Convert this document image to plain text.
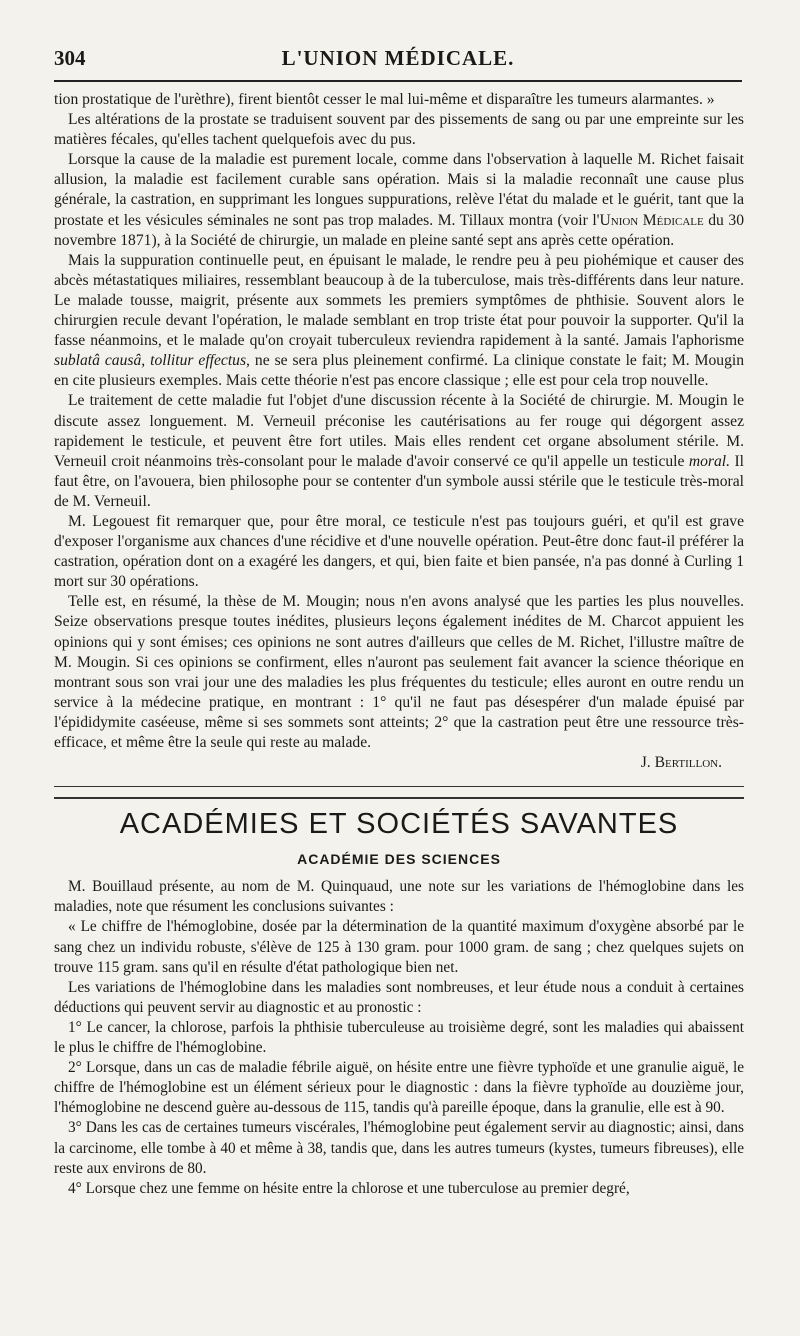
304	L'UNION MÉDICALE.

tion prostatique de l'urèthre), firent bientôt cesser le mal lui-même et disparaître les tumeurs alarmantes. »

Les altérations de la prostate se traduisent souvent par des pissements de sang ou par une empreinte sur les matières fécales, qu'elles tachent quelquefois avec du pus.

Lorsque la cause de la maladie est purement locale, comme dans l'observation à laquelle M. Richet faisait allusion, la maladie est facilement curable sans opération. Mais si la maladie reconnaît une cause plus générale, la castration, en supprimant les longues suppurations, relève l'état du malade et le guérit, tant que la prostate et les vésicules séminales ne sont pas trop malades. M. Tillaux montra (voir l'Union Médicale du 30 novembre 1871), à la Société de chirurgie, un malade en pleine santé sept ans après cette opération.

Mais la suppuration continuelle peut, en épuisant le malade, le rendre peu à peu piohémique et causer des abcès métastatiques miliaires, ressemblant beaucoup à de la tuberculose, mais très-différents dans leur nature. Le malade tousse, maigrit, présente aux sommets les premiers symptômes de phthisie. Souvent alors le chirurgien recule devant l'opération, le malade semblant en trop triste état pour pouvoir la supporter. Qu'il la fasse néanmoins, et le malade qu'on croyait tuberculeux reviendra rapidement à la santé. Jamais l'aphorisme sublatâ causâ, tollitur effectus, ne se sera plus pleinement confirmé. La clinique constate le fait; M. Mougin en cite plusieurs exemples. Mais cette théorie n'est pas encore classique ; elle est pour cela trop nouvelle.

Le traitement de cette maladie fut l'objet d'une discussion récente à la Société de chirurgie. M. Mougin le discute assez longuement. M. Verneuil préconise les cautérisations au fer rouge qui dégorgent assez rapidement le testicule, et peuvent être fort utiles. Mais elles rendent cet organe absolument stérile. M. Verneuil croit néanmoins très-consolant pour le malade d'avoir conservé ce qu'il appelle un testicule moral. Il faut être, on l'avouera, bien philosophe pour se contenter d'un symbole aussi stérile que le testicule très-moral de M. Verneuil.

M. Legouest fit remarquer que, pour être moral, ce testicule n'est pas toujours guéri, et qu'il est grave d'exposer l'organisme aux chances d'une récidive et d'une nouvelle opération. Peut-être donc faut-il préférer la castration, opération dont on a exagéré les dangers, et qui, bien faite et bien pansée, n'a pas donné à Curling 1 mort sur 30 opérations.

Telle est, en résumé, la thèse de M. Mougin; nous n'en avons analysé que les parties les plus nouvelles. Seize observations presque toutes inédites, plusieurs leçons également inédites de M. Charcot appuient les opinions qui y sont émises; ces opinions ne sont autres d'ailleurs que celles de M. Richet, l'illustre maître de M. Mougin. Si ces opinions se confirment, elles n'auront pas seulement fait avancer la science théorique en montrant sous son vrai jour une des maladies les plus fréquentes du testicule; elles auront en outre rendu un service à la médecine pratique, en montrant : 1° qu'il ne faut pas désespérer d'un malade épuisé par l'épididymite caséeuse, même si ses sommets sont atteints; 2° que la castration peut être une ressource très-efficace, et même être la seule qui reste au malade.

J. Bertillon.

ACADÉMIES ET SOCIÉTÉS SAVANTES
ACADÉMIE DES SCIENCES

M. Bouillaud présente, au nom de M. Quinquaud, une note sur les variations de l'hémoglobine dans les maladies, note que résument les conclusions suivantes :

« Le chiffre de l'hémoglobine, dosée par la détermination de la quantité maximum d'oxygène absorbé par le sang chez un individu robuste, s'élève de 125 à 130 gram. pour 1000 gram. de sang ; chez quelques sujets on trouve 115 gram. sans qu'il en résulte d'état pathologique bien net.

Les variations de l'hémoglobine dans les maladies sont nombreuses, et leur étude nous a conduit à certaines déductions qui peuvent servir au diagnostic et au pronostic :

1° Le cancer, la chlorose, parfois la phthisie tuberculeuse au troisième degré, sont les maladies qui abaissent le plus le chiffre de l'hémoglobine.

2° Lorsque, dans un cas de maladie fébrile aiguë, on hésite entre une fièvre typhoïde et une granulie aiguë, le chiffre de l'hémoglobine est un élément sérieux pour le diagnostic : dans la fièvre typhoïde au douzième jour, l'hémoglobine ne descend guère au-dessous de 115, tandis qu'à pareille époque, dans la granulie, elle est à 90.

3° Dans les cas de certaines tumeurs viscérales, l'hémoglobine peut également servir au diagnostic; ainsi, dans la carcinome, elle tombe à 40 et même à 38, tandis que, dans les autres tumeurs (kystes, tumeurs fibreuses), elle reste aux environs de 80.

4° Lorsque chez une femme on hésite entre la chlorose et une tuberculose au premier degré,
